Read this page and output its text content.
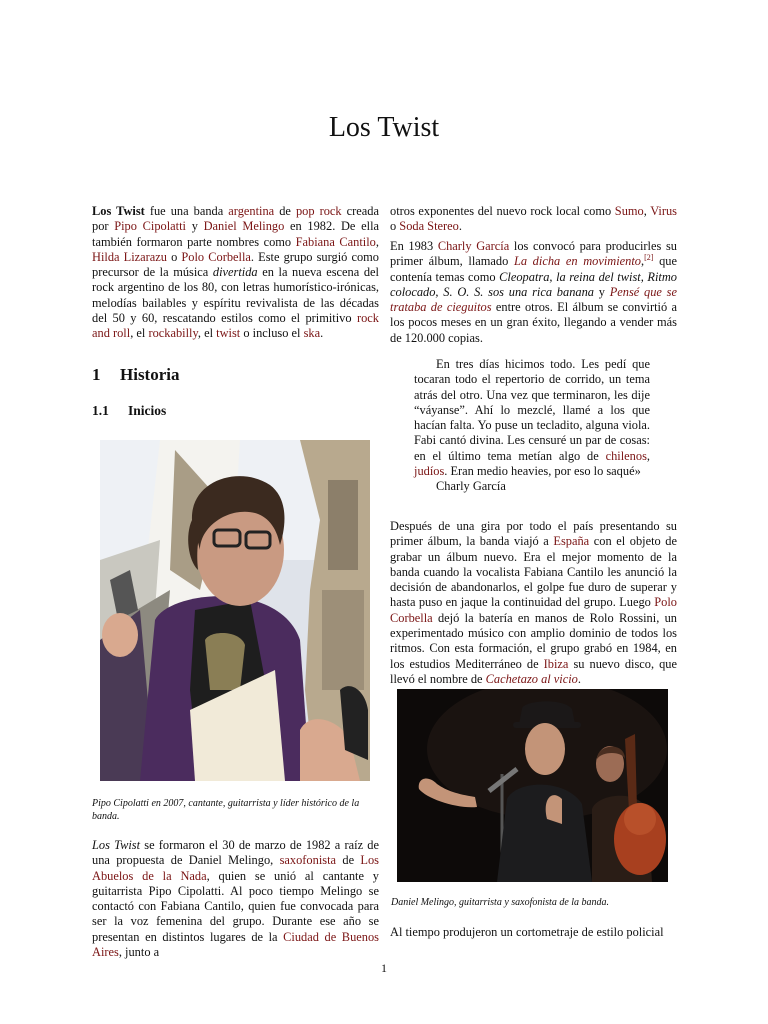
Los Twist

Los Twist fue una banda argentina de pop rock creada por Pipo Cipolatti y Daniel Melingo en 1982. De ella también formaron parte nombres como Fabiana Cantilo, Hilda Lizarazu o Polo Corbella. Este grupo surgió como precursor de la música divertida en la nueva escena del rock argentino de los 80, con letras humorístico-irónicas, melodías bailables y espíritu revivalista de las décadas del 50 y 60, rescatando estilos como el primitivo rock and roll, el rockabilly, el twist o incluso el ska.

1 Historia
1.1 Inicios
Pipo Cipolatti en 2007, cantante, guitarrista y líder histórico de la banda.

Los Twist se formaron el 30 de marzo de 1982 a raíz de una propuesta de Daniel Melingo, saxofonista de Los Abuelos de la Nada, quien se unió al cantante y guitarrista Pipo Cipolatti. Al poco tiempo Melingo se contactó con Fabiana Cantilo, quien fue convocada para ser la voz femenina del grupo. Durante ese año se presentan en distintos lugares de la Ciudad de Buenos Aires, junto a

otros exponentes del nuevo rock local como Sumo, Virus o Soda Stereo.

En 1983 Charly García los convocó para producirles su primer álbum, llamado La dicha en movimiento,[2] que contenía temas como Cleopatra, la reina del twist, Ritmo colocado, S. O. S. sos una rica banana y Pensé que se trataba de cieguitos entre otros. El álbum se convirtió a los pocos meses en un gran éxito, llegando a vender más de 120.000 copias.

En tres días hicimos todo. Les pedí que tocaran todo el repertorio de corrido, un tema atrás del otro. Una vez que terminaron, les dije “váyanse”. Ahí lo mezclé, llamé a los que hacían falta. Yo puse un tecladito, alguna viola. Fabi cantó divina. Les censuré un par de cosas: en el último tema metían algo de chilenos, judíos. Eran medio heavies, por eso lo saqué»

Charly García

Después de una gira por todo el país presentando su primer álbum, la banda viajó a España con el objeto de grabar un álbum nuevo. Era el mejor momento de la banda cuando la vocalista Fabiana Cantilo les anunció la decisión de abandonarlos, el golpe fue duro de superar y hasta puso en jaque la continuidad del grupo. Luego Polo Corbella dejó la batería en manos de Rolo Rossini, un experimentado músico con amplio dominio de todos los ritmos. Con esta formación, el grupo grabó en 1984, en los estudios Mediterráneo de Ibiza su nuevo disco, que llevó el nombre de Cachetazo al vicio.

Daniel Melingo, guitarrista y saxofonista de la banda.

Al tiempo produjeron un cortometraje de estilo policial

1
